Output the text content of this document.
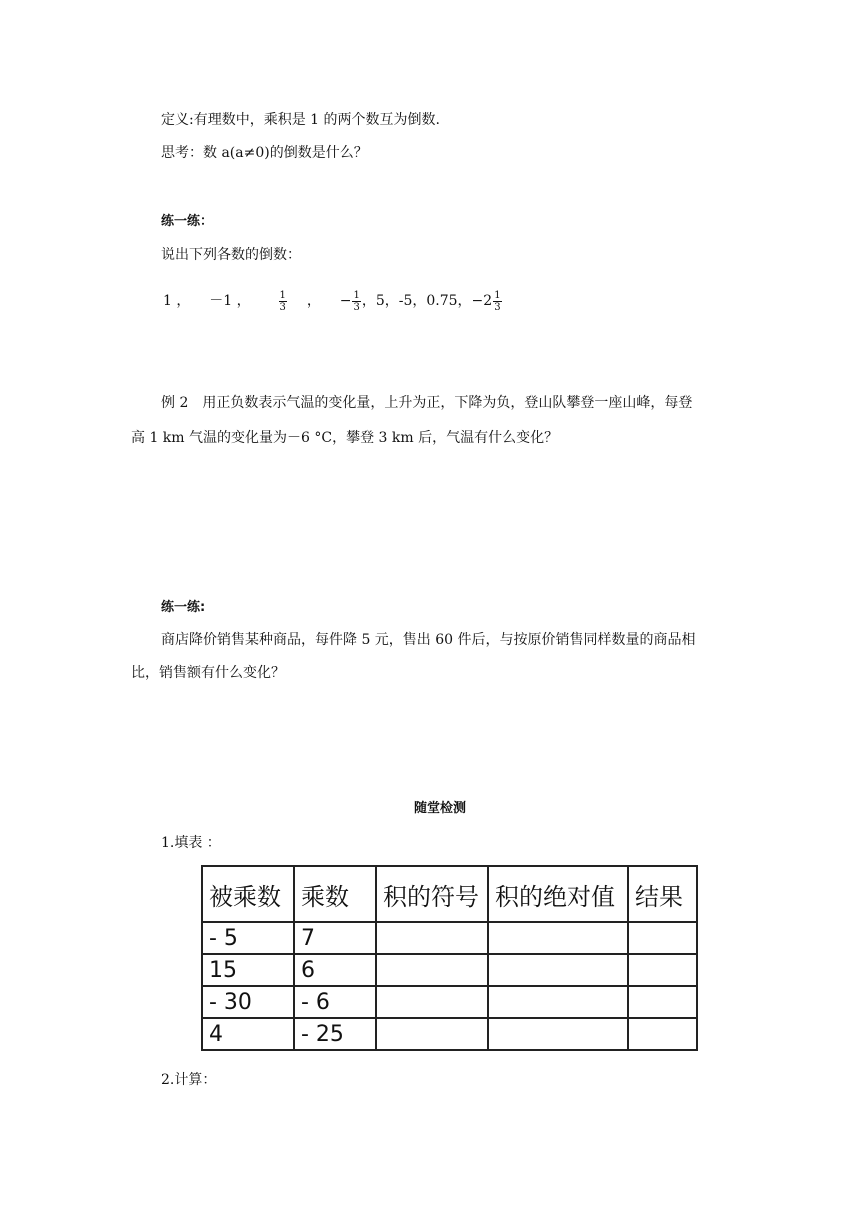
定义:有理数中，乘积是 1 的两个数互为倒数.
思考：数 a(a≠0)的倒数是什么？
练一练：
说出下列各数的倒数：
1 ， －1 ，	$\frac{1}{3}$ ， − $\frac{1}{3}$ ，5，-5，0.75，$-2 \frac{1}{3}$
例 2　用正负数表示气温的变化量，上升为正，下降为负，登山队攀登一座山峰，每登
高 1 km 气温的变化量为－6 °C，攀登 3 km 后，气温有什么变化？
练一练:
商店降价销售某种商品，每件降 5 元，售出 60 件后，与按原价销售同样数量的商品相
比，销售额有什么变化？
随堂检测
1.填表 ：
被乘数	乘数	积的符号	积的绝对值	结果
- 5	7			
15	6			
- 30	- 6			
4	- 25			
2.计算：
